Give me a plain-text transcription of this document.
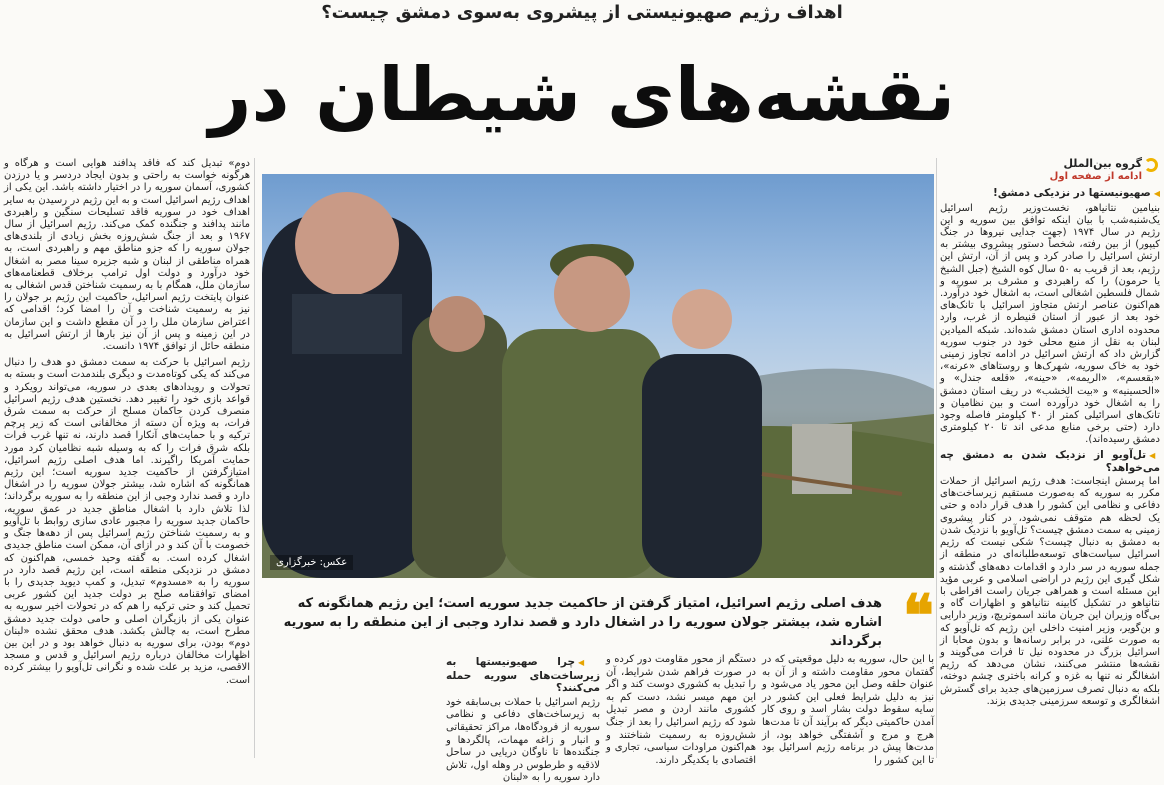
اهداف رژیم صهیونیستی از پیشروی به‌سوی دمشق چیست؟
نقشه‌های شیطان در
گروه بین‌الملل
ادامه از صفحه اول
◀ صهیونیستها در نزدیکی دمشق!
بنیامین نتانیاهو، نخست‌وزیر رژیم اسرائیل یک‌شنبه‌شب با بیان اینکه توافق بین سوریه و این رژیم در سال ۱۹۷۴ (جهت جدایی نیروها در جنگ کیپور) از بین رفته، شخصاً دستور پیشروی بیشتر به ارتش اسرائیل را صادر کرد و پس از آن، ارتش این رژیم، بعد از قریب به ۵۰ سال کوه الشیخ (جبل الشیخ یا حرمون) را که راهبردی و مشرف بر سوریه و شمال فلسطین اشغالی است، به اشغال خود درآورد. هم‌اکنون عناصر ارتش متجاوز اسرائیل با تانک‌های خود بعد از عبور از استان قنیطره از غرب، وارد محدوده اداری استان دمشق شده‌اند. شبکه المیادین لبنان به نقل از منبع محلی خود در جنوب سوریه گزارش داد که ارتش اسرائیل در ادامه تجاوز زمینی خود به خاک سوریه، شهرک‌ها و روستاهای «عرنه»، «بقعسم»، «الریمه»، «حینه»، «قلعه جندل» و «الحسینیه» و «بیت الخشب» در ریف استان دمشق را به اشغال خود درآورده است و بین نظامیان و تانک‌های اسرائیلی کمتر از ۴۰ کیلومتر فاصله وجود دارد (حتی برخی منابع مدعی اند تا ۲۰ کیلومتری دمشق رسیده‌اند).
◀ تل‌آویو از نزدیک شدن به دمشق چه می‌خواهد؟
اما پرسش اینجاست: هدف رژیم اسرائیل از حملات مکرر به سوریه که به‌صورت مستقیم زیرساخت‌های دفاعی و نظامی این کشور را هدف قرار داده و حتی یک لحظه هم متوقف نمی‌شود، در کنار پیشروی زمینی به سمت دمشق چیست؟ تل‌آویو با نزدیک شدن به دمشق به دنبال چیست؟ شکی نیست که رژیم اسرائیل سیاست‌های توسعه‌طلبانه‌ای در منطقه از جمله سوریه در سر دارد و اقدامات دهه‌های گذشته و شکل گیری این رژیم در اراضی اسلامی و عربی مؤید این مسئله است و همراهی جریان راست افراطی با نتانیاهو در تشکیل کابینه نتانیاهو و اظهارات گاه و بی‌گاه وزیران این جریان مانند اسموتریچ، وزیر دارایی و بن‌گویر، وزیر امنیت داخلی این رژیم که تل‌آویو که به صورت علنی، در برابر رسانه‌ها و بدون محابا از اسرائیل بزرگ در محدوده نیل تا فرات می‌گویند و نقشه‌ها منتشر می‌کنند، نشان می‌دهد که رژیم اشغالگر نه تنها به غزه و کرانه باختری چشم دوخته، بلکه به دنبال تصرف سرزمین‌های جدید برای گسترش اشغالگری و توسعه سرزمینی جدیدی بزند.
دوم» تبدیل کند که فاقد پدافند هوایی است و هرگاه و هرگونه خواست به راحتی و بدون ایجاد دردسر و یا درزدن کشوری، آسمان سوریه را در اختیار داشته باشد. این یکی از اهداف رژیم اسرائیل است و به این رژیم در رسیدن به سایر اهداف خود در سوریه فاقد تسلیحات سنگین و راهبردی مانند پدافند و جنگنده کمک می‌کند. رژیم اسرائیل از سال ۱۹۶۷ و بعد از جنگ شش‌روزه بخش زیادی از بلندی‌های جولان سوریه را که جزو مناطق مهم و راهبردی است، به همراه مناطقی از لبنان و شبه جزیره سینا مصر به اشغال خود درآورد و دولت اول ترامپ برخلاف قطعنامه‌های سازمان ملل، همگام با به رسمیت شناختن قدس اشغالی به عنوان پایتخت رژیم اسرائیل، حاکمیت این رژیم بر جولان را نیز به رسمیت شناخت و آن را امضا کرد؛ اقدامی که اعتراض سازمان ملل را در آن مقطع داشت و این سازمان در این زمینه و پس از آن نیز بارها از ارتش اسرائیل به منطقه حائل از توافق ۱۹۷۴ دانست.
رژیم اسرائیل با حرکت به سمت دمشق دو هدف را دنبال می‌کند که یکی کوتاه‌مدت و دیگری بلندمدت است و بسته به تحولات و رویدادهای بعدی در سوریه، می‌تواند رویکرد و قواعد بازی خود را تغییر دهد. نخستین هدف رژیم اسرائیل منصرف کردن حاکمان مسلح از حرکت به سمت شرق فرات، به ویژه آن دسته از مخالفانی است که زیر پرچم ترکیه و با حمایت‌های آنکارا قصد دارند، نه تنها غرب فرات بلکه شرق فرات را که به وسیله شبه نظامیان کرد مورد حمایت آمریکا راگیرند. اما هدف اصلی رژیم اسرائیل، امتیازگرفتن از حاکمیت جدید سوریه است؛ این رژیم همانگونه که اشاره شد، بیشتر جولان سوریه را در اشغال دارد و قصد ندارد وجبی از این منطقه را به سوریه برگرداند؛ لذا تلاش دارد با اشغال مناطق جدید در عمق سوریه، حاکمان جدید سوریه را مجبور عادی سازی روابط با تل‌آویو و به رسمیت شناختن رژیم اسرائیل پس از دهه‌ها جنگ و خصومت با آن کند و در ازای آن، ممکن است مناطق جدیدی اشغال کرده است. به گفته وحید خمسی، هم‌اکنون که دمشق در نزدیکی منطقه است، این رژیم قصد دارد در سوریه را به «مسدوم» تبدیل، و کمپ دیوید جدیدی را با امضای توافقنامه صلح بر دولت جدید این کشور عربی تحمیل کند و حتی ترکیه را هم که در تحولات اخیر سوریه به عنوان یکی از بازیگران اصلی و حامی دولت جدید دمشق مطرح است، به چالش بکشد. هدف محقق نشده «لبنان دوم» بودن، برای سوریه به دنبال خواهد بود و در این بین اظهارات مخالفان درباره رژیم اسرائیل و قدس و مسجد الاقصی، مزید بر علت شده و نگرانی تل‌آویو را بیشتر کرده است.
عکس: خبرگزاری
❝
هدف اصلی رژیم اسرائیل، امتیاز گرفتن از حاکمیت جدید سوریه است؛ این رژیم همانگونه که اشاره شد، بیشتر جولان سوریه را در اشغال دارد و قصد ندارد وجبی از این منطقه را به سوریه برگرداند
با این حال، سوریه به دلیل موقعیتی که در گفتمان محور مقاومت داشته و از آن به عنوان حلقه وصل این محور یاد می‌شود و نیز به دلیل شرایط فعلی این کشور در سایه سقوط دولت بشار اسد و روی کار آمدن حاکمیتی دیگر که برآیند آن تا مدت‌ها هرج و مرج و آشفتگی خواهد بود، از مدت‌ها پیش در برنامه رژیم اسرائیل بود تا این کشور را
دستگم از محور مقاومت دور کرده و در صورت فراهم شدن شرایط، آن را تبدیل به کشوری دوست کند و اگر این مهم میسر نشد، دست کم به کشوری مانند اردن و مصر تبدیل شود که رژیم اسرائیل را بعد از جنگ شش‌روزه به رسمیت شناختند و هم‌اکنون مراودات سیاسی، تجاری و اقتصادی با یکدیگر دارند.
◀ چرا صهیونیستها به زیرساخت‌های سوریه حمله می‌کنند؟
رژیم اسرائیل با حملات بی‌سابقه خود به زیرساخت‌های دفاعی و نظامی سوریه از فرودگاه‌ها، مراکز تحقیقاتی و انبار و زاغه مهمات، پالگردها و جنگنده‌ها تا ناوگان دریایی در ساحل لاذقیه و طرطوس در وهله اول، تلاش دارد سوریه را به «لبنان
